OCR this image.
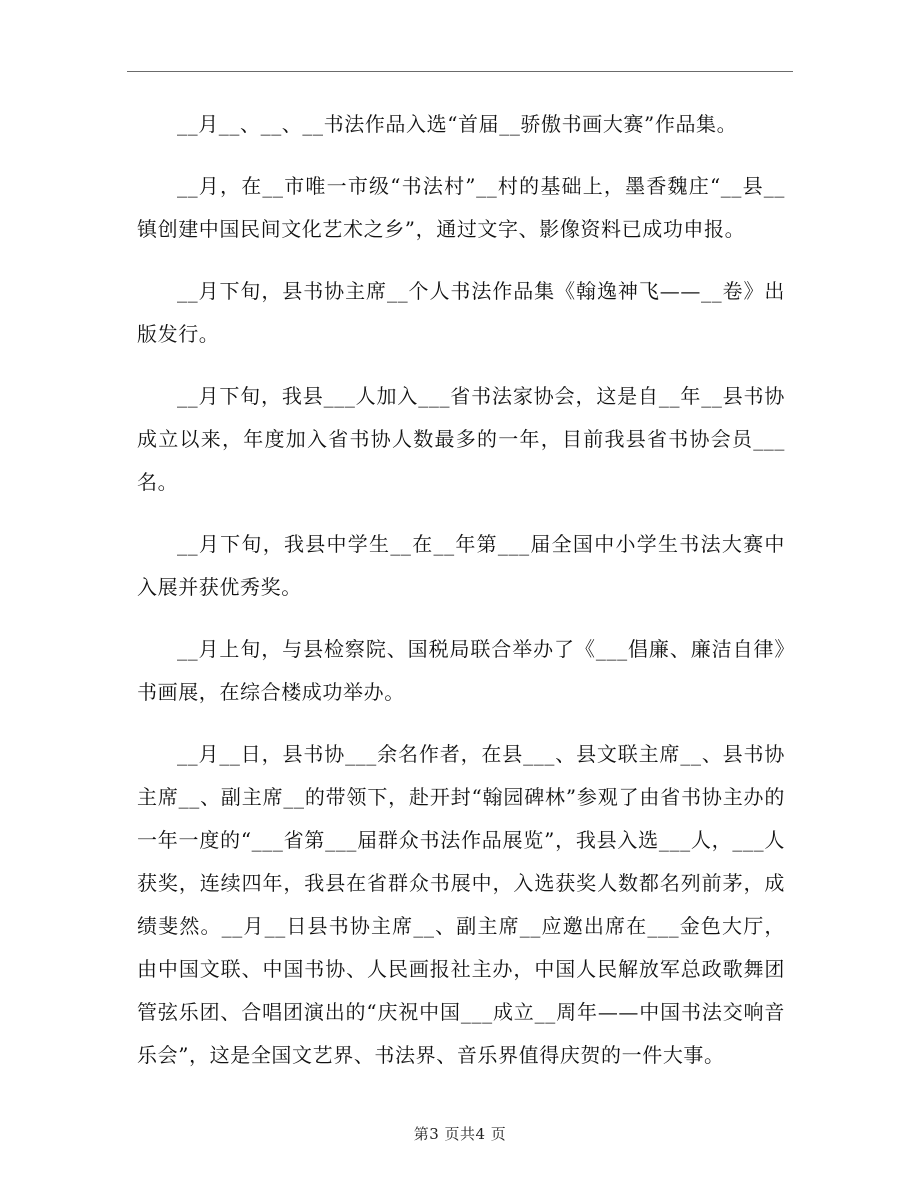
__月__、__、__书法作品入选“首届__骄傲书画大赛”作品集。

__月，在__市唯一市级“书法村”__村的基础上，墨香魏庄“__县__镇创建中国民间文化艺术之乡”，通过文字、影像资料已成功申报。

__月下旬，县书协主席__个人书法作品集《翰逸神飞——__卷》出版发行。

__月下旬，我县___人加入___省书法家协会，这是自__年__县书协成立以来，年度加入省书协人数最多的一年，目前我县省书协会员___名。

__月下旬，我县中学生__在__年第___届全国中小学生书法大赛中入展并获优秀奖。

__月上旬，与县检察院、国税局联合举办了《___倡廉、廉洁自律》书画展，在综合楼成功举办。

__月__日，县书协___余名作者，在县___、县文联主席__、县书协主席__、副主席__的带领下，赴开封“翰园碑林”参观了由省书协主办的一年一度的“___省第___届群众书法作品展览”，我县入选___人，___人获奖，连续四年，我县在省群众书展中，入选获奖人数都名列前茅，成绩斐然。__月__日县书协主席__、副主席__应邀出席在___金色大厅，由中国文联、中国书协、人民画报社主办，中国人民解放军总政歌舞团管弦乐团、合唱团演出的“庆祝中国___成立__周年——中国书法交响音乐会”，这是全国文艺界、书法界、音乐界值得庆贺的一件大事。

第3 页共4 页
